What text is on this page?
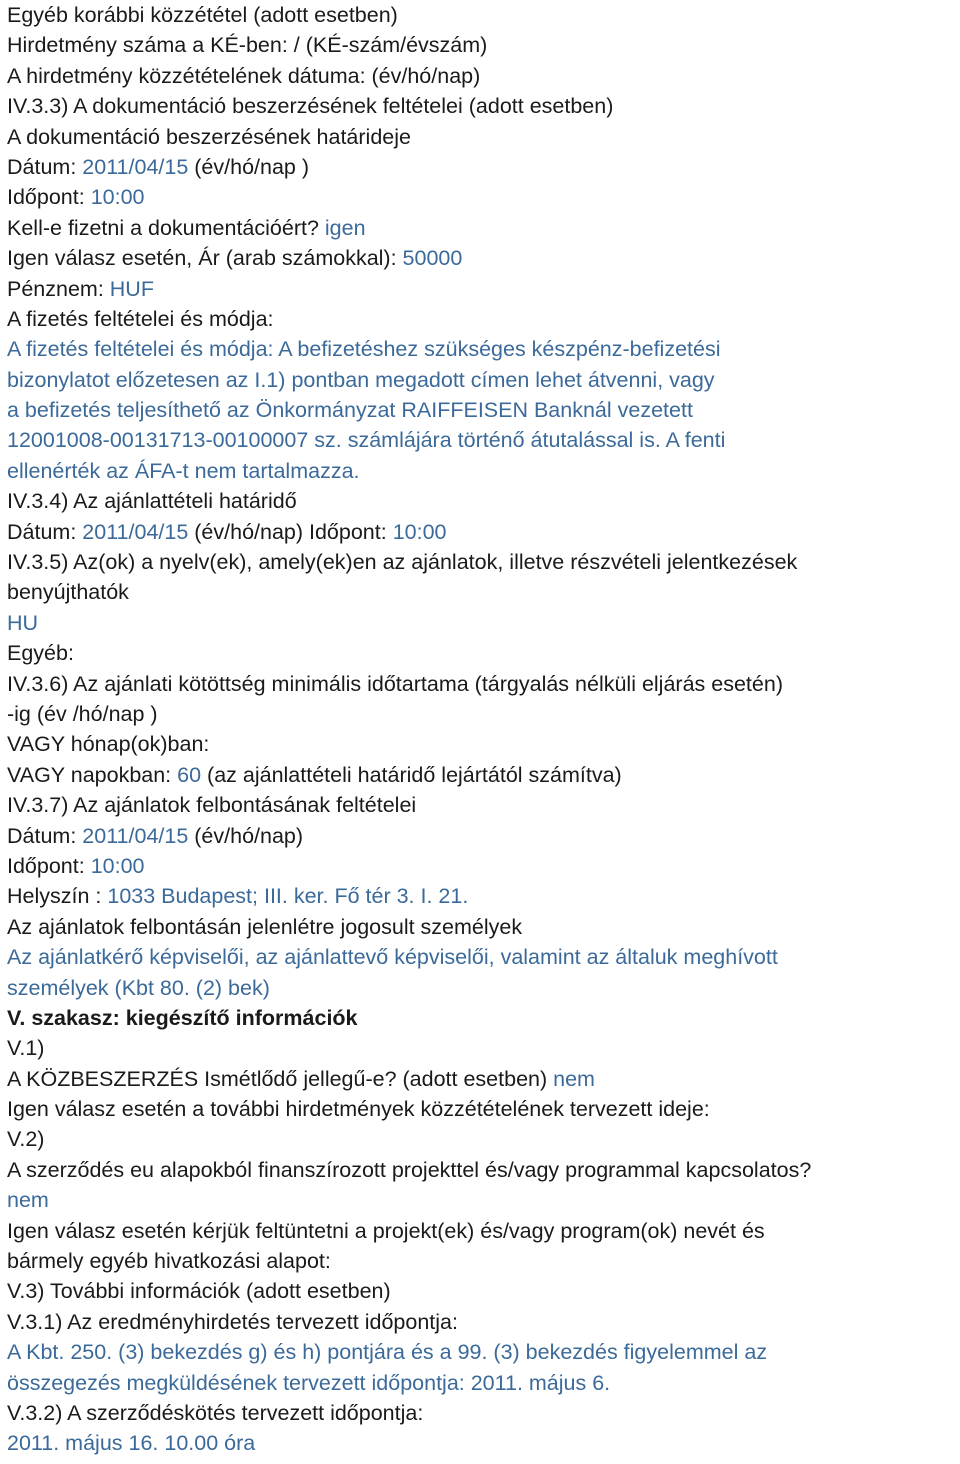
Egyéb korábbi közzététel (adott esetben)
Hirdetmény száma a KÉ-ben: / (KÉ-szám/évszám)
A hirdetmény közzétételének dátuma: (év/hó/nap)
IV.3.3) A dokumentáció beszerzésének feltételei (adott esetben)
A dokumentáció beszerzésének határideje
Dátum: 2011/04/15 (év/hó/nap )
Időpont: 10:00
Kell-e fizetni a dokumentációért? igen
Igen válasz esetén, Ár (arab számokkal): 50000
Pénznem: HUF
A fizetés feltételei és módja:
A fizetés feltételei és módja: A befizetéshez szükséges készpénz-befizetési
bizonylatot előzetesen az I.1) pontban megadott címen lehet átvenni, vagy
a befizetés teljesíthető az Önkormányzat RAIFFEISEN Banknál vezetett
12001008-00131713-00100007 sz. számlájára történő átutalással is. A fenti
ellenérték az ÁFA-t nem tartalmazza.
IV.3.4) Az ajánlattételi határidő
Dátum: 2011/04/15 (év/hó/nap) Időpont: 10:00
IV.3.5) Az(ok) a nyelv(ek), amely(ek)en az ajánlatok, illetve részvételi jelentkezések
benyújthatók
HU
Egyéb:
IV.3.6) Az ajánlati kötöttség minimális időtartama (tárgyalás nélküli eljárás esetén)
-ig (év /hó/nap )
VAGY hónap(ok)ban:
VAGY napokban: 60 (az ajánlattételi határidő lejártától számítva)
IV.3.7) Az ajánlatok felbontásának feltételei
Dátum: 2011/04/15 (év/hó/nap)
Időpont: 10:00
Helyszín : 1033 Budapest; III. ker. Fő tér 3. I. 21.
Az ajánlatok felbontásán jelenlétre jogosult személyek
Az ajánlatkérő képviselői, az ajánlattevő képviselői, valamint az általuk meghívott
személyek (Kbt 80. (2) bek)
V. szakasz: kiegészítő információk
V.1)
A KÖZBESZERZÉS Ismétlődő jellegű-e? (adott esetben) nem
Igen válasz esetén a további hirdetmények közzétételének tervezett ideje:
V.2)
A szerződés eu alapokból finanszírozott projekttel és/vagy programmal kapcsolatos?
nem
Igen válasz esetén kérjük feltüntetni a projekt(ek) és/vagy program(ok) nevét és
bármely egyéb hivatkozási alapot:
V.3) További információk (adott esetben)
V.3.1) Az eredményhirdetés tervezett időpontja:
A Kbt. 250. (3) bekezdés g) és h) pontjára és a 99. (3) bekezdés figyelemmel az
összegezés megküldésének tervezett időpontja: 2011. május 6.
V.3.2) A szerződéskötés tervezett időpontja:
2011. május 16. 10.00 óra
